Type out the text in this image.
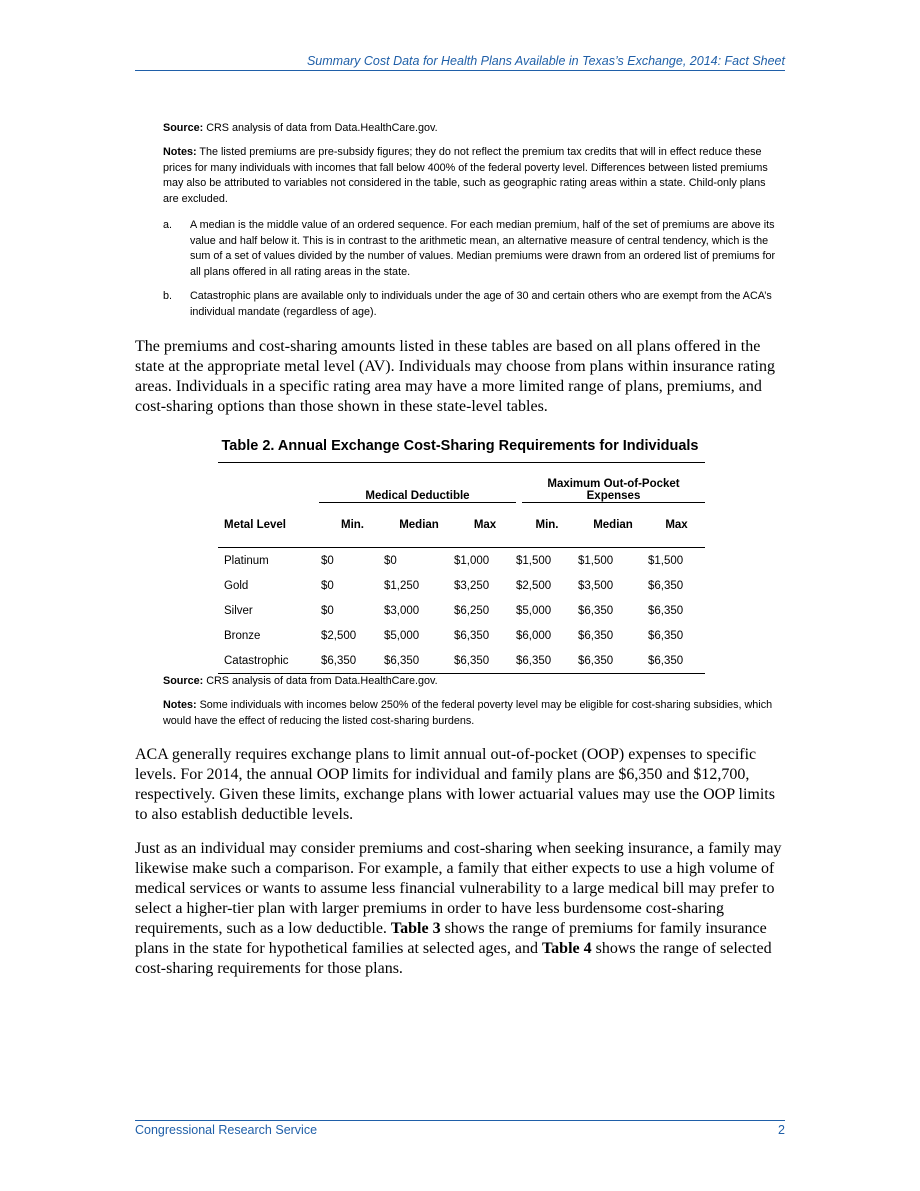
Summary Cost Data for Health Plans Available in Texas’s Exchange, 2014: Fact Sheet
Source: CRS analysis of data from Data.HealthCare.gov.
Notes: The listed premiums are pre-subsidy figures; they do not reflect the premium tax credits that will in effect reduce these prices for many individuals with incomes that fall below 400% of the federal poverty level. Differences between listed premiums may also be attributed to variables not considered in the table, such as geographic rating areas within a state. Child-only plans are excluded.
a. A median is the middle value of an ordered sequence. For each median premium, half of the set of premiums are above its value and half below it. This is in contrast to the arithmetic mean, an alternative measure of central tendency, which is the sum of a set of values divided by the number of values. Median premiums were drawn from an ordered list of premiums for all plans offered in all rating areas in the state.
b. Catastrophic plans are available only to individuals under the age of 30 and certain others who are exempt from the ACA’s individual mandate (regardless of age).
The premiums and cost-sharing amounts listed in these tables are based on all plans offered in the state at the appropriate metal level (AV). Individuals may choose from plans within insurance rating areas. Individuals in a specific rating area may have a more limited range of plans, premiums, and cost-sharing options than those shown in these state-level tables.
Table 2. Annual Exchange Cost-Sharing Requirements for Individuals

	Medical Deductible			Maximum Out-of-Pocket Expenses		

Metal Level	Min.	Median	Max	Min.	Median	Max
Platinum	$0	$0	$1,000	$1,500	$1,500	$1,500
Gold	$0	$1,250	$3,250	$2,500	$3,500	$6,350
Silver	$0	$3,000	$6,250	$5,000	$6,350	$6,350
Bronze	$2,500	$5,000	$6,350	$6,000	$6,350	$6,350
Catastrophic	$6,350	$6,350	$6,350	$6,350	$6,350	$6,350
Source: CRS analysis of data from Data.HealthCare.gov.
Notes: Some individuals with incomes below 250% of the federal poverty level may be eligible for cost-sharing subsidies, which would have the effect of reducing the listed cost-sharing burdens.
ACA generally requires exchange plans to limit annual out-of-pocket (OOP) expenses to specific levels. For 2014, the annual OOP limits for individual and family plans are $6,350 and $12,700, respectively. Given these limits, exchange plans with lower actuarial values may use the OOP limits to also establish deductible levels.
Just as an individual may consider premiums and cost-sharing when seeking insurance, a family may likewise make such a comparison. For example, a family that either expects to use a high volume of medical services or wants to assume less financial vulnerability to a large medical bill may prefer to select a higher-tier plan with larger premiums in order to have less burdensome cost-sharing requirements, such as a low deductible. Table 3 shows the range of premiums for family insurance plans in the state for hypothetical families at selected ages, and Table 4 shows the range of selected cost-sharing requirements for those plans.
Congressional Research Service	2
